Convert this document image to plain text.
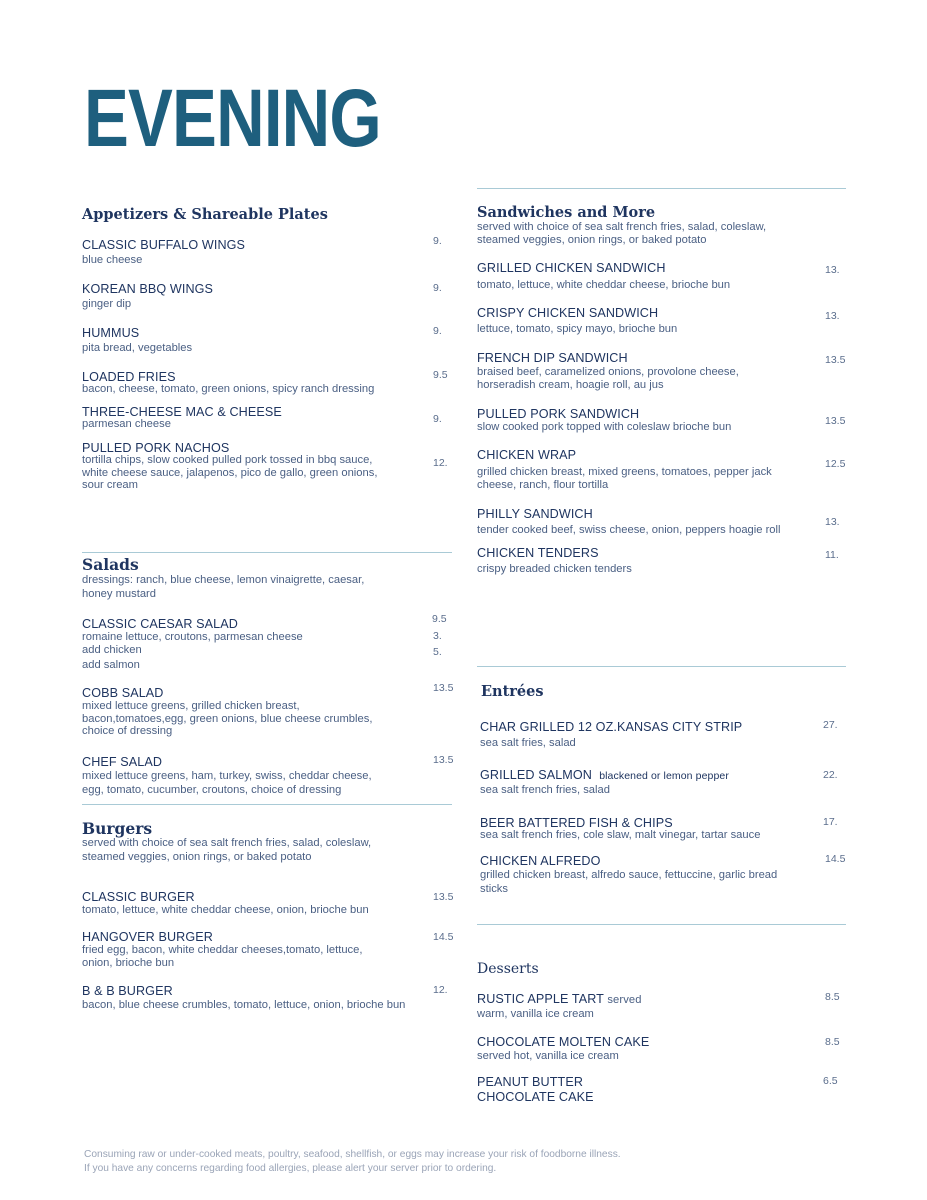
EVENING
Appetizers & Shareable Plates
CLASSIC BUFFALO WINGS
blue cheese
9.
KOREAN BBQ WINGS
ginger dip
9.
HUMMUS
pita bread, vegetables
9.
LOADED FRIES
bacon, cheese, tomato, green onions, spicy ranch dressing
9.5
THREE-CHEESE MAC & CHEESE
parmesan cheese	9.
PULLED PORK NACHOS
tortilla chips, slow cooked pulled pork tossed in bbq sauce, white cheese sauce, jalapenos, pico de gallo, green onions, sour cream
12.
Salads
dressings: ranch, blue cheese, lemon vinaigrette, caesar, honey mustard
CLASSIC CAESAR SALAD
romaine lettuce, croutons, parmesan cheese
9.5
add chicken
3.
add salmon
5.
COBB SALAD
mixed lettuce greens, grilled chicken breast, bacon,tomatoes,egg, green onions, blue cheese crumbles, choice of dressing
13.5
CHEF SALAD
mixed lettuce greens, ham, turkey, swiss, cheddar cheese, egg, tomato, cucumber, croutons, choice of dressing
13.5
Burgers
served with choice of sea salt french fries, salad, coleslaw, steamed veggies, onion rings, or baked potato
CLASSIC BURGER
tomato, lettuce, white cheddar cheese, onion, brioche bun
13.5
HANGOVER BURGER
fried egg, bacon, white cheddar cheeses,tomato, lettuce, onion, brioche bun
14.5
B & B BURGER
bacon, blue cheese crumbles, tomato, lettuce, onion, brioche bun
12.
Sandwiches and More
served with choice of sea salt french fries, salad, coleslaw, steamed veggies, onion rings, or baked potato
GRILLED CHICKEN SANDWICH
tomato, lettuce, white cheddar cheese, brioche bun
13.
CRISPY CHICKEN SANDWICH
lettuce, tomato, spicy mayo, brioche bun
13.
FRENCH DIP SANDWICH
braised beef, caramelized onions, provolone cheese, horseradish cream, hoagie roll, au jus
13.5
PULLED PORK SANDWICH
slow cooked pork topped with coleslaw brioche bun	13.5
CHICKEN WRAP
grilled chicken breast, mixed greens, tomatoes, pepper jack cheese, ranch, flour tortilla
12.5
PHILLY SANDWICH
tender cooked beef, swiss cheese, onion, peppers hoagie roll
13.
CHICKEN TENDERS
crispy breaded chicken tenders
11.
Entrées
CHAR GRILLED 12 OZ.KANSAS CITY STRIP
sea salt fries, salad
27.
GRILLED SALMON blackened or lemon pepper
sea salt french fries, salad
22.
BEER BATTERED FISH & CHIPS
sea salt french fries, cole slaw, malt vinegar, tartar sauce
17.
CHICKEN ALFREDO
grilled chicken breast, alfredo sauce, fettuccine, garlic bread sticks
14.5
Desserts
RUSTIC APPLE TART served
warm, vanilla ice cream
8.5
CHOCOLATE MOLTEN CAKE
served hot, vanilla ice cream
8.5
PEANUT BUTTER CHOCOLATE CAKE
6.5
Consuming raw or under-cooked meats, poultry, seafood, shellfish, or eggs may increase your risk of foodborne illness.
If you have any concerns regarding food allergies, please alert your server prior to ordering.
